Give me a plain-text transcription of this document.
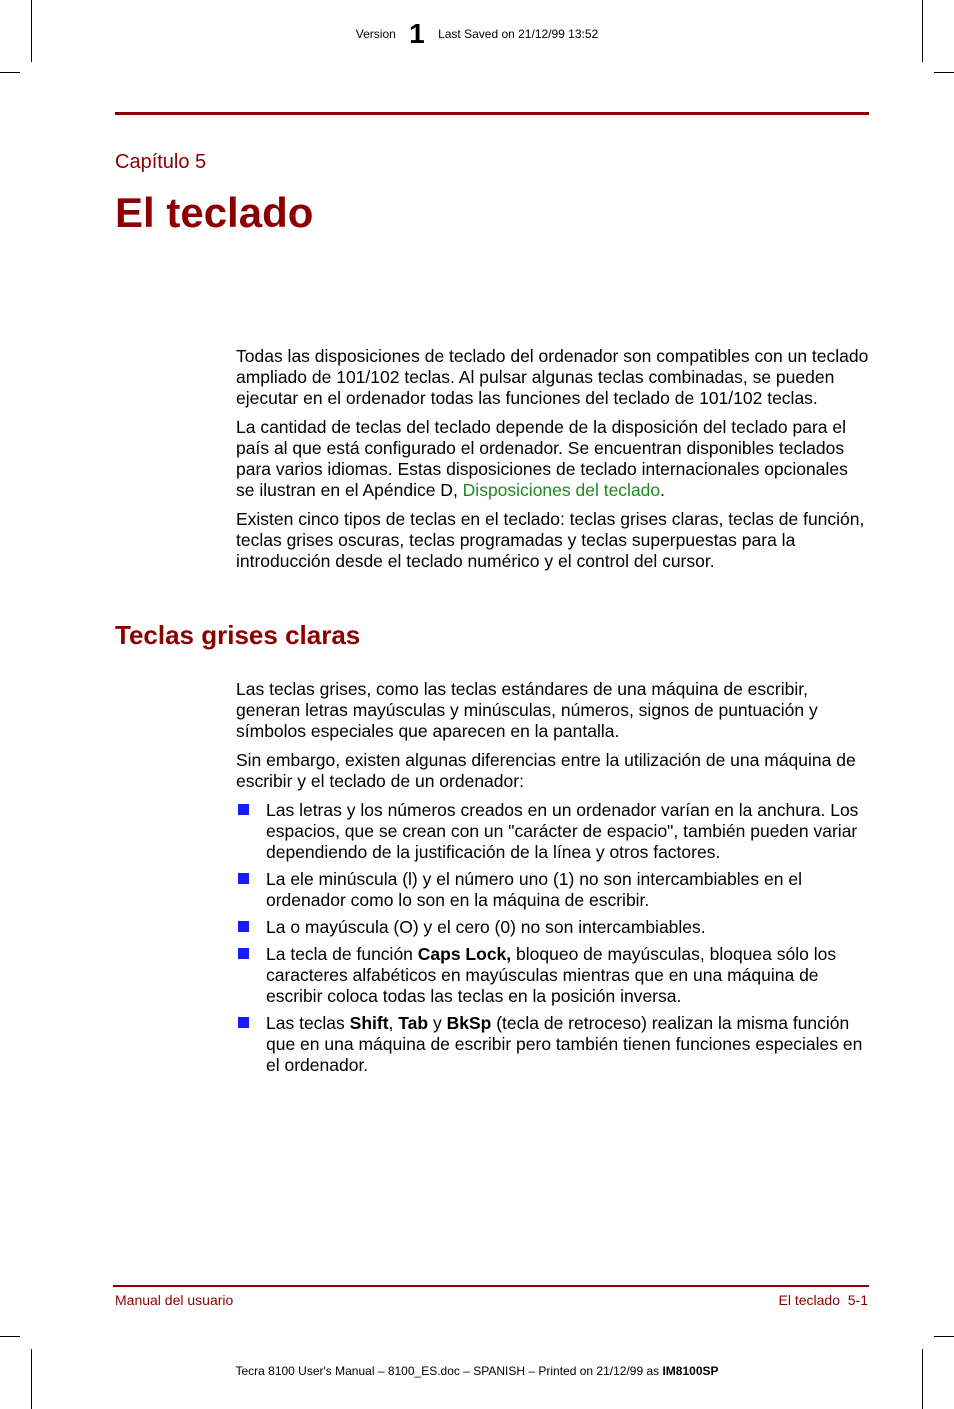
Version 1 Last Saved on 21/12/99 13:52
Capítulo 5
El teclado

Todas las disposiciones de teclado del ordenador son compatibles con un teclado ampliado de 101/102 teclas. Al pulsar algunas teclas combinadas, se pueden ejecutar en el ordenador todas las funciones del teclado de 101/102 teclas.

La cantidad de teclas del teclado depende de la disposición del teclado para el país al que está configurado el ordenador. Se encuentran disponibles teclados para varios idiomas. Estas disposiciones de teclado internacionales opcionales se ilustran en el Apéndice D, Disposiciones del teclado.

Existen cinco tipos de teclas en el teclado: teclas grises claras, teclas de función, teclas grises oscuras, teclas programadas y teclas superpuestas para la introducción desde el teclado numérico y el control del cursor.

Teclas grises claras

Las teclas grises, como las teclas estándares de una máquina de escribir, generan letras mayúsculas y minúsculas, números, signos de puntuación y símbolos especiales que aparecen en la pantalla.

Sin embargo, existen algunas diferencias entre la utilización de una máquina de escribir y el teclado de un ordenador:

Las letras y los números creados en un ordenador varían en la anchura. Los espacios, que se crean con un "carácter de espacio", también pueden variar dependiendo de la justificación de la línea y otros factores.
La ele minúscula (l) y el número uno (1) no son intercambiables en el ordenador como lo son en la máquina de escribir.
La o mayúscula (O) y el cero (0) no son intercambiables.
La tecla de función Caps Lock, bloqueo de mayúsculas, bloquea sólo los caracteres alfabéticos en mayúsculas mientras que en una máquina de escribir coloca todas las teclas en la posición inversa.
Las teclas Shift, Tab y BkSp (tecla de retroceso) realizan la misma función que en una máquina de escribir pero también tienen funciones especiales en el ordenador.
Manual del usuario	El teclado  5-1
Tecra 8100 User's Manual – 8100_ES.doc – SPANISH – Printed on 21/12/99 as IM8100SP
